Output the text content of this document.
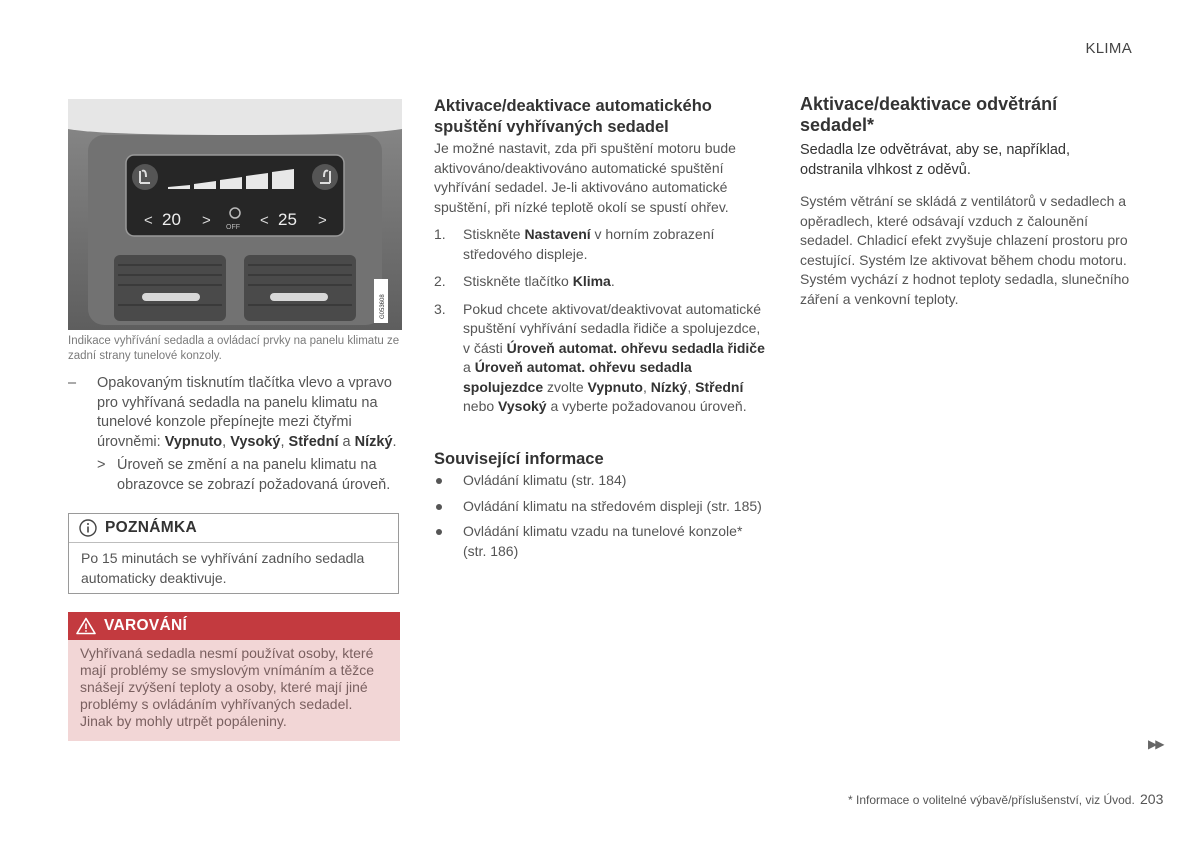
KLIMA
< 20 > OFF < 25 >
G053608
Indikace vyhřívání sedadla a ovládací prvky na panelu klimatu ze zadní strany tunelové konzoly.
– Opakovaným tisknutím tlačítka vlevo a vpravo pro vyhřívaná sedadla na panelu klimatu na tunelové konzole přepínejte mezi čtyřmi úrovněmi: Vypnuto, Vysoký, Střední a Nízký.
> Úroveň se změní a na panelu klimatu na obrazovce se zobrazí požadovaná úroveň.
POZNÁMKA
Po 15 minutách se vyhřívání zadního sedadla automaticky deaktivuje.
VAROVÁNÍ
Vyhřívaná sedadla nesmí používat osoby, které mají problémy se smyslovým vnímáním a těžce snášejí zvýšení teploty a osoby, které mají jiné problémy s ovládáním vyhřívaných sedadel. Jinak by mohly utrpět popáleniny.
Aktivace/deaktivace automatického spuštění vyhřívaných sedadel
Je možné nastavit, zda při spuštění motoru bude aktivováno/deaktivováno automatické spuštění vyhřívání sedadel. Je-li aktivováno automatické spuštění, při nízké teplotě okolí se spustí ohřev.
1. Stiskněte Nastavení v horním zobrazení středového displeje.
2. Stiskněte tlačítko Klima.
3. Pokud chcete aktivovat/deaktivovat automatické spuštění vyhřívání sedadla řidiče a spolujezdce, v části Úroveň automat. ohřevu sedadla řidiče a Úroveň automat. ohřevu sedadla spolujezdce zvolte Vypnuto, Nízký, Střední nebo Vysoký a vyberte požadovanou úroveň.
Související informace
Ovládání klimatu (str. 184)
Ovládání klimatu na středovém displeji (str. 185)
Ovládání klimatu vzadu na tunelové konzole* (str. 186)
Aktivace/deaktivace odvětrání sedadel*
Sedadla lze odvětrávat, aby se, například, odstranila vlhkost z oděvů.
Systém větrání se skládá z ventilátorů v sedadlech a opěradlech, které odsávají vzduch z čalounění sedadel. Chladicí efekt zvyšuje chlazení prostoru pro cestující. Systém lze aktivovat během chodu motoru. Systém vychází z hodnot teploty sedadla, slunečního záření a venkovní teploty.
▶▶
* Informace o volitelné výbavě/příslušenství, viz Úvod. 203
